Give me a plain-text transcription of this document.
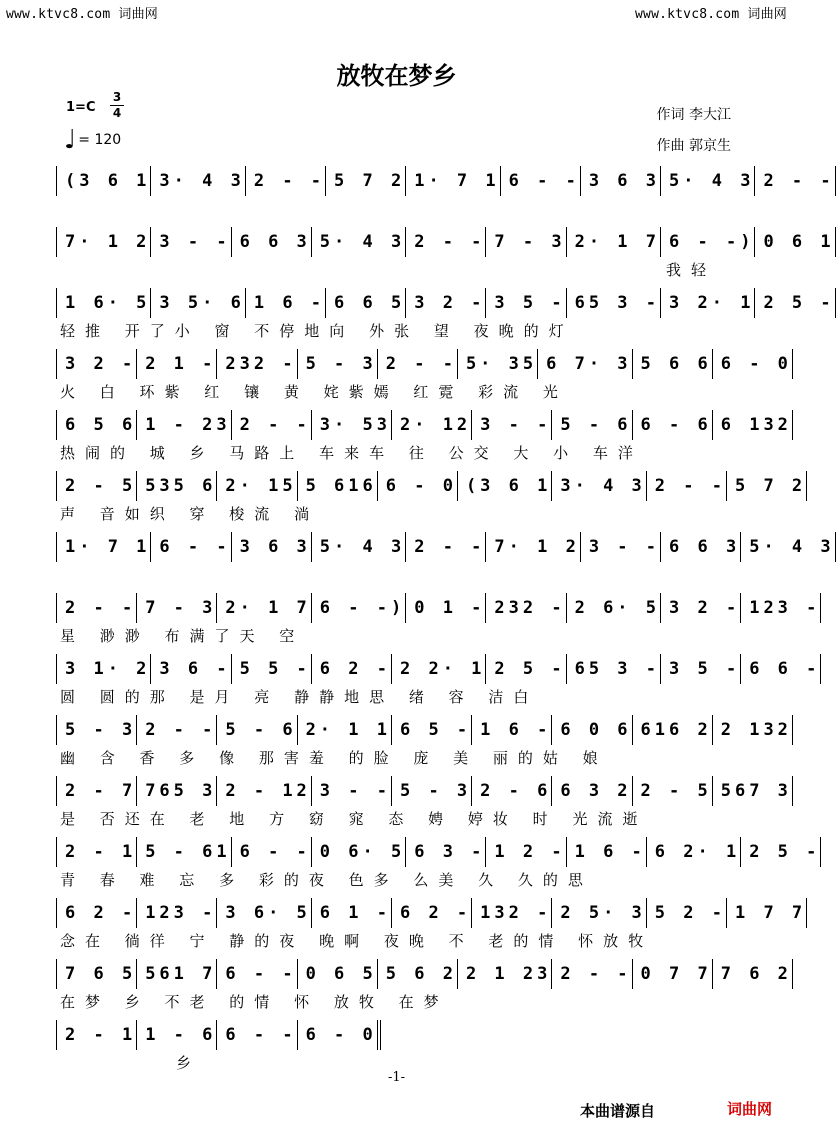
www.ktvc8.com 词曲网	www.ktvc8.com 词曲网
放牧在梦乡
1=C
3
4
♩ = 120
作词 李大江
作曲 郭京生
(3 6 1 3· 4 3 2 - - 5 7 2 1· 7 1 6 - - 3 6 3 5· 4 3 2 - -
7· 1 2 3 - - 6 6 3 5· 4 3 2 - - 7 - 3 2· 1 7 6 - -) 0 6 1
我轻
1 6· 5 3 5· 6 1 6 - 6 6 5 3 2 - 3 5 - 65 3 - 3 2· 1 2 5 -
轻推 开了小 窗 不停地向 外张 望 夜晚的灯
3 2 - 2 1 - 232 - 5 - 3 2 - - 5· 35 6 7· 3 5 6 6 6 - 0
火 白 环紫 红 镶 黄 姹紫嫣 红霓 彩流 光
6 5 6 1 - 23 2 - - 3· 53 2· 12 3 - - 5 - 6 6 - 6 6 132
热闹的 城 乡 马路上 车来车 往 公交 大 小 车洋
2 - 5 535 6 2· 15 5 616 6 - 0 (3 6 1 3· 4 3 2 - - 5 7 2
声 音如织 穿 梭流 淌
1· 7 1 6 - - 3 6 3 5· 4 3 2 - - 7· 1 2 3 - - 6 6 3 5· 4 3
2 - - 7 - 3 2· 1 7 6 - -) 0 1 - 232 - 2 6· 5 3 2 - 123 -
星 渺渺 布满了天 空
3 1· 2 3 6 - 5 5 - 6 2 - 2 2· 1 2 5 - 65 3 - 3 5 - 6 6 -
圆 圆的那 是月 亮 静静地思 绪 容 洁白
5 - 3 2 - - 5 - 6 2· 1 1 6 5 - 1 6 - 6 0 6 616 2 2 132
幽 含 香 多 像 那害羞 的脸 庞 美 丽的姑 娘
2 - 7 765 3 2 - 12 3 - - 5 - 3 2 - 6 6 3 2 2 - 5 567 3
是 否还在 老 地 方 窈 窕 态 娉 婷妆 时 光流逝
2 - 1 5 - 61 6 - - 0 6· 5 6 3 - 1 2 - 1 6 - 6 2· 1 2 5 -
青 春 难 忘 多 彩的夜 色多 么美 久 久的思
6 2 - 123 - 3 6· 5 6 1 - 6 2 - 132 - 2 5· 3 5 2 - 1 7 7
念在 徜徉 宁 静的夜 晚啊 夜晚 不 老的情 怀放牧
7 6 5 561 7 6 - - 0 6 5 5 6 2 2 1 23 2 - - 0 7 7 7 6 2
在梦 乡 不老 的情 怀 放牧 在梦
2 - 1 1 - 6 6 - - 6 - 0
乡
-1-
本曲谱源自	词曲网
